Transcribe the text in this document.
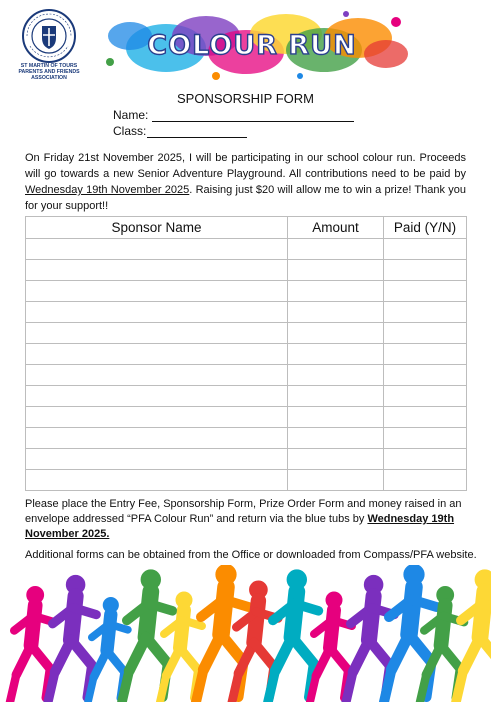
ST MARTIN OF TOURS
PARENTS AND FRIENDS
ASSOCIATION
COLOUR RUN
SPONSORSHIP FORM
Name:
Class:
On Friday 21st November 2025, I will be participating in our school colour run. Proceeds will go towards a new Senior Adventure Playground. All contributions need to be paid by Wednesday 19th November 2025. Raising just $20 will allow me to win a prize! Thank you for your support!!
Sponsor Name	Amount	Paid (Y/N)

Please place the Entry Fee, Sponsorship Form, Prize Order Form and money raised in an envelope addressed “PFA Colour Run” and return via the blue tubs by Wednesday 19th November 2025.
Additional forms can be obtained from the Office or downloaded from Compass/PFA website.
